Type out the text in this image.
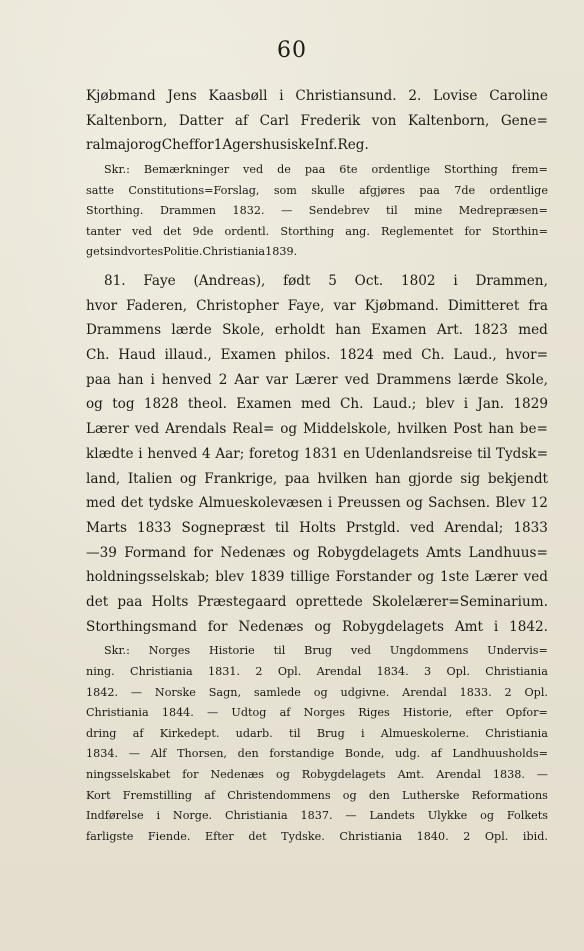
60
Kjøbmand Jens Kaasbøll i Christiansund. 2. Lovise Caroline
Kaltenborn, Datter af Carl Frederik von Kaltenborn, Gene=
ralmajor og Chef for 1 Agershusiske Inf. Reg.
Skr.: Bemærkninger ved de paa 6te ordentlige Storthing frem=
satte Constitutions=Forslag, som skulle afgjøres paa 7de ordentlige
Storthing. Drammen 1832. — Sendebrev til mine Medrepræsen=
tanter ved det 9de ordentl. Storthing ang. Reglementet for Storthin=
gets indvortes Politie. Christiania 1839.
81. Faye (Andreas), født 5 Oct. 1802 i Drammen,
hvor Faderen, Christopher Faye, var Kjøbmand. Dimitteret fra
Drammens lærde Skole, erholdt han Examen Art. 1823 med
Ch. Haud illaud., Examen philos. 1824 med Ch. Laud., hvor=
paa han i henved 2 Aar var Lærer ved Drammens lærde Skole,
og tog 1828 theol. Examen med Ch. Laud.; blev i Jan. 1829
Lærer ved Arendals Real= og Middelskole, hvilken Post han be=
klædte i henved 4 Aar; foretog 1831 en Udenlandsreise til Tydsk=
land, Italien og Frankrige, paa hvilken han gjorde sig bekjendt
med det tydske Almueskolevæsen i Preussen og Sachsen. Blev 12
Marts 1833 Sognepræst til Holts Prstgld. ved Arendal; 1833
—39 Formand for Nedenæs og Robygdelagets Amts Landhuus=
holdningsselskab; blev 1839 tillige Forstander og 1ste Lærer ved
det paa Holts Præstegaard oprettede Skolelærer=Seminarium.
Storthingsmand for Nedenæs og Robygdelagets Amt i 1842.
Skr.: Norges Historie til Brug ved Ungdommens Undervis=
ning. Christiania 1831. 2 Opl. Arendal 1834. 3 Opl. Christiania
1842. — Norske Sagn, samlede og udgivne. Arendal 1833. 2 Opl.
Christiania 1844. — Udtog af Norges Riges Historie, efter Opfor=
dring af Kirkedept. udarb. til Brug i Almueskolerne. Christiania
1834. — Alf Thorsen, den forstandige Bonde, udg. af Landhuusholds=
ningsselskabet for Nedenæs og Robygdelagets Amt. Arendal 1838. —
Kort Fremstilling af Christendommens og den Lutherske Reformations
Indførelse i Norge. Christiania 1837. — Landets Ulykke og Folkets
farligste Fiende. Efter det Tydske. Christiania 1840. 2 Opl. ibid.
